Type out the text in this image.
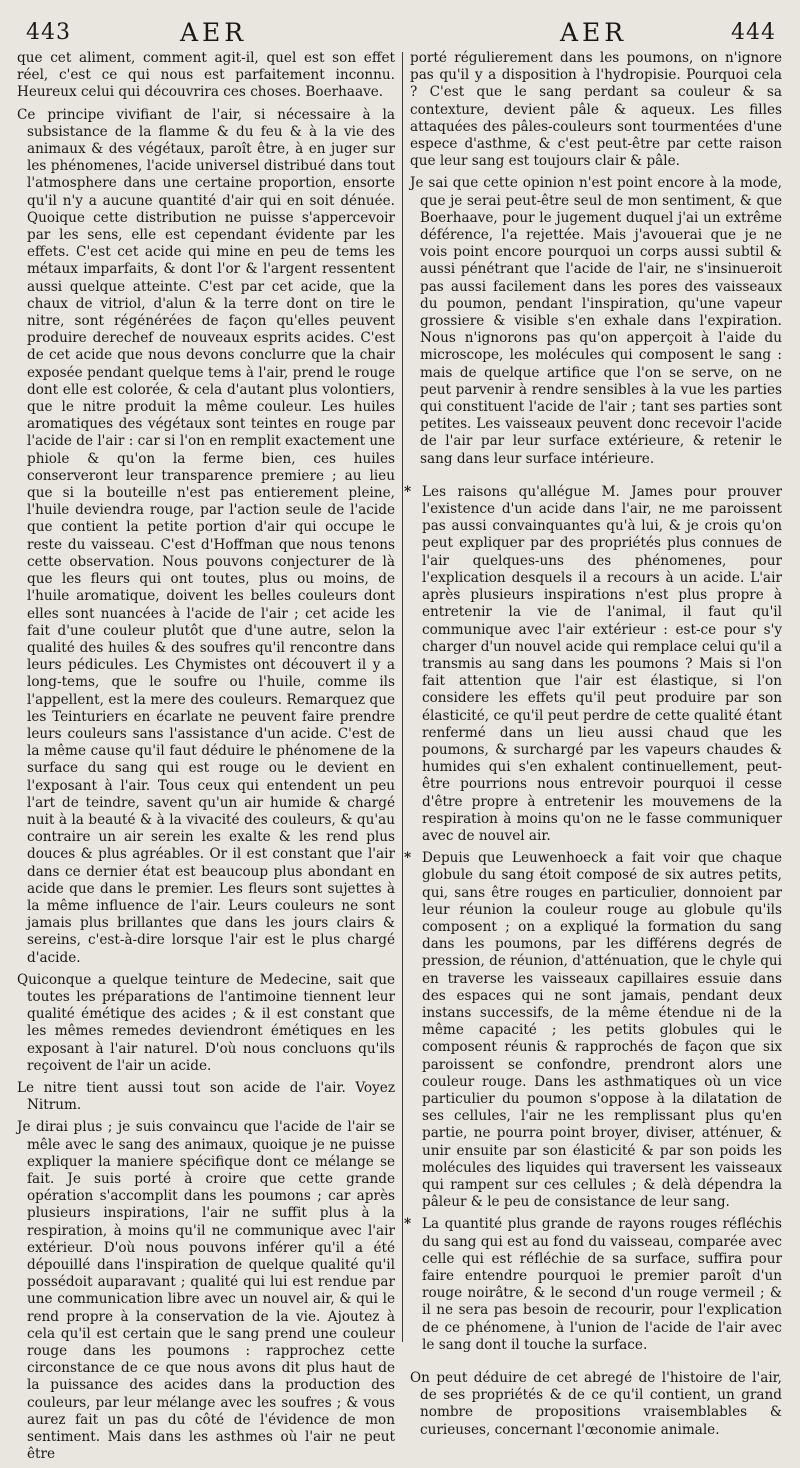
443	AER	AER	444

que cet aliment, comment agit-il, quel est son effet réel, c'est ce qui nous est parfaitement inconnu. Heureux celui qui découvrira ces choses. Boerhaave.

Ce principe vivifiant de l'air, si nécessaire à la subsistance de la flamme & du feu & à la vie des animaux & des végétaux, paroît être, à en juger sur les phénomenes, l'acide universel distribué dans tout l'atmosphere dans une certaine proportion, ensorte qu'il n'y a aucune quantité d'air qui en soit dénuée. Quoique cette distribution ne puisse s'appercevoir par les sens, elle est cependant évidente par les effets. C'est cet acide qui mine en peu de tems les métaux imparfaits, & dont l'or & l'argent ressentent aussi quelque atteinte. C'est par cet acide, que la chaux de vitriol, d'alun & la terre dont on tire le nitre, sont régénérées de façon qu'elles peuvent produire derechef de nouveaux esprits acides. C'est de cet acide que nous devons conclurre que la chair exposée pendant quelque tems à l'air, prend le rouge dont elle est colorée, & cela d'autant plus volontiers, que le nitre produit la même couleur. Les huiles aromatiques des végétaux sont teintes en rouge par l'acide de l'air : car si l'on en remplit exactement une phiole & qu'on la ferme bien, ces huiles conserveront leur transparence premiere ; au lieu que si la bouteille n'est pas entierement pleine, l'huile deviendra rouge, par l'action seule de l'acide que contient la petite portion d'air qui occupe le reste du vaisseau. C'est d'Hoffman que nous tenons cette observation. Nous pouvons conjecturer de là que les fleurs qui ont toutes, plus ou moins, de l'huile aromatique, doivent les belles couleurs dont elles sont nuancées à l'acide de l'air ; cet acide les fait d'une couleur plutôt que d'une autre, selon la qualité des huiles & des soufres qu'il rencontre dans leurs pédicules. Les Chymistes ont découvert il y a long-tems, que le soufre ou l'huile, comme ils l'appellent, est la mere des couleurs. Remarquez que les Teinturiers en écarlate ne peuvent faire prendre leurs couleurs sans l'assistance d'un acide. C'est de la même cause qu'il faut déduire le phénomene de la surface du sang qui est rouge ou le devient en l'exposant à l'air. Tous ceux qui entendent un peu l'art de teindre, savent qu'un air humide & chargé nuit à la beauté & à la vivacité des couleurs, & qu'au contraire un air serein les exalte & les rend plus douces & plus agréables. Or il est constant que l'air dans ce dernier état est beaucoup plus abondant en acide que dans le premier. Les fleurs sont sujettes à la même influence de l'air. Leurs couleurs ne sont jamais plus brillantes que dans les jours clairs & sereins, c'est-à-dire lorsque l'air est le plus chargé d'acide.

Quiconque a quelque teinture de Medecine, sait que toutes les préparations de l'antimoine tiennent leur qualité émétique des acides ; & il est constant que les mêmes remedes deviendront émétiques en les exposant à l'air naturel. D'où nous concluons qu'ils reçoivent de l'air un acide.

Le nitre tient aussi tout son acide de l'air. Voyez Nitrum.

Je dirai plus ; je suis convaincu que l'acide de l'air se mêle avec le sang des animaux, quoique je ne puisse expliquer la maniere spécifique dont ce mélange se fait. Je suis porté à croire que cette grande opération s'accomplit dans les poumons ; car après plusieurs inspirations, l'air ne suffit plus à la respiration, à moins qu'il ne communique avec l'air extérieur. D'où nous pouvons inférer qu'il a été dépouillé dans l'inspiration de quelque qualité qu'il possédoit auparavant ; qualité qui lui est rendue par une communication libre avec un nouvel air, & qui le rend propre à la conservation de la vie. Ajoutez à cela qu'il est certain que le sang prend une couleur rouge dans les poumons : rapprochez cette circonstance de ce que nous avons dit plus haut de la puissance des acides dans la production des couleurs, par leur mélange avec les soufres ; & vous aurez fait un pas du côté de l'évidence de mon sentiment. Mais dans les asthmes où l'air ne peut être

porté régulierement dans les poumons, on n'ignore pas qu'il y a disposition à l'hydropisie. Pourquoi cela ? C'est que le sang perdant sa couleur & sa contexture, devient pâle & aqueux. Les filles attaquées des pâles-couleurs sont tourmentées d'une espece d'asthme, & c'est peut-être par cette raison que leur sang est toujours clair & pâle.

Je sai que cette opinion n'est point encore à la mode, que je serai peut-être seul de mon sentiment, & que Boerhaave, pour le jugement duquel j'ai un extrême déférence, l'a rejettée. Mais j'avouerai que je ne vois point encore pourquoi un corps aussi subtil & aussi pénétrant que l'acide de l'air, ne s'insinueroit pas aussi facilement dans les pores des vaisseaux du poumon, pendant l'inspiration, qu'une vapeur grossiere & visible s'en exhale dans l'expiration. Nous n'ignorons pas qu'on apperçoit à l'aide du microscope, les molécules qui composent le sang : mais de quelque artifice que l'on se serve, on ne peut parvenir à rendre sensibles à la vue les parties qui constituent l'acide de l'air ; tant ses parties sont petites. Les vaisseaux peuvent donc recevoir l'acide de l'air par leur surface extérieure, & retenir le sang dans leur surface intérieure.

* Les raisons qu'allégue M. James pour prouver l'existence d'un acide dans l'air, ne me paroissent pas aussi convainquantes qu'à lui, & je crois qu'on peut expliquer par des propriétés plus connues de l'air quelques-uns des phénomenes, pour l'explication desquels il a recours à un acide. L'air après plusieurs inspirations n'est plus propre à entretenir la vie de l'animal, il faut qu'il communique avec l'air extérieur : est-ce pour s'y charger d'un nouvel acide qui remplace celui qu'il a transmis au sang dans les poumons ? Mais si l'on fait attention que l'air est élastique, si l'on considere les effets qu'il peut produire par son élasticité, ce qu'il peut perdre de cette qualité étant renfermé dans un lieu aussi chaud que les poumons, & surchargé par les vapeurs chaudes & humides qui s'en exhalent continuellement, peut-être pourrions nous entrevoir pourquoi il cesse d'être propre à entretenir les mouvemens de la respiration à moins qu'on ne le fasse communiquer avec de nouvel air.

* Depuis que Leuwenhoeck a fait voir que chaque globule du sang étoit composé de six autres petits, qui, sans être rouges en particulier, donnoient par leur réunion la couleur rouge au globule qu'ils composent ; on a expliqué la formation du sang dans les poumons, par les différens degrés de pression, de réunion, d'atténuation, que le chyle qui en traverse les vaisseaux capillaires essuie dans des espaces qui ne sont jamais, pendant deux instans successifs, de la même étendue ni de la même capacité ; les petits globules qui le composent réunis & rapprochés de façon que six paroissent se confondre, prendront alors une couleur rouge. Dans les asthmatiques où un vice particulier du poumon s'oppose à la dilatation de ses cellules, l'air ne les remplissant plus qu'en partie, ne pourra point broyer, diviser, atténuer, & unir ensuite par son élasticité & par son poids les molécules des liquides qui traversent les vaisseaux qui rampent sur ces cellules ; & delà dépendra la pâleur & le peu de consistance de leur sang.

* La quantité plus grande de rayons rouges réfléchis du sang qui est au fond du vaisseau, comparée avec celle qui est réfléchie de sa surface, suffira pour faire entendre pourquoi le premier paroît d'un rouge noirâtre, & le second d'un rouge vermeil ; & il ne sera pas besoin de recourir, pour l'explication de ce phénomene, à l'union de l'acide de l'air avec le sang dont il touche la surface.

On peut déduire de cet abregé de l'histoire de l'air, de ses propriétés & de ce qu'il contient, un grand nombre de propositions vraisemblables & curieuses, concernant l'œconomie animale.
